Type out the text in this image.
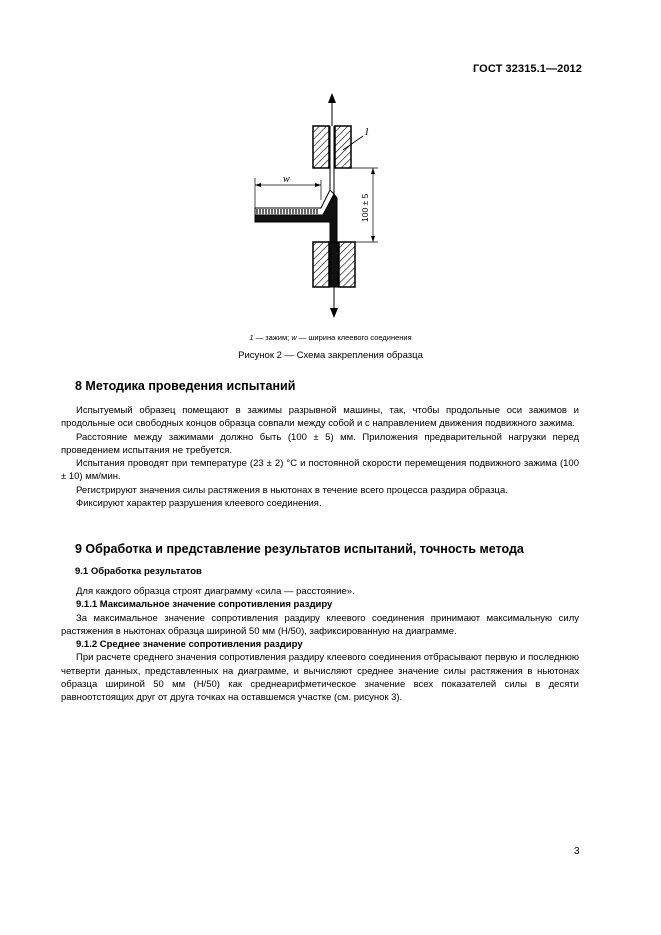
ГОСТ 32315.1—2012
1
100 ± 5
w
1 — зажим; w — ширина клеевого соединения
Рисунок 2 — Схема закрепления образца
8 Методика проведения испытаний

Испытуемый образец помещают в зажимы разрывной машины, так, чтобы продольные оси зажимов и продольные оси свободных концов образца совпали между собой и с направлением движения подвижного зажима.

Расстояние между зажимами должно быть (100 ± 5) мм. Приложения предварительной нагрузки перед проведением испытания не требуется.

Испытания проводят при температуре (23 ± 2) °С и постоянной скорости перемещения подвижного зажима (100 ± 10) мм/мин.

Регистрируют значения силы растяжения в ньютонах в течение всего процесса раздира образца.

Фиксируют характер разрушения клеевого соединения.

9 Обработка и представление результатов испытаний, точность метода
9.1 Обработка результатов

Для каждого образца строят диаграмму «сила — расстояние».

9.1.1 Максимальное значение сопротивления раздиру

За максимальное значение сопротивления раздиру клеевого соединения принимают максимальную силу растяжения в ньютонах образца шириной 50 мм (Н/50), зафиксированную на диаграмме.

9.1.2 Среднее значение сопротивления раздиру

При расчете среднего значения сопротивления раздиру клеевого соединения отбрасывают первую и последнюю четверти данных, представленных на диаграмме, и вычисляют среднее значение силы растяжения в ньютонах образца шириной 50 мм (Н/50) как среднеарифметическое значение всех показателей силы в десяти равноотстоящих друг от друга точках на оставшемся участке (см. рисунок 3).

3
